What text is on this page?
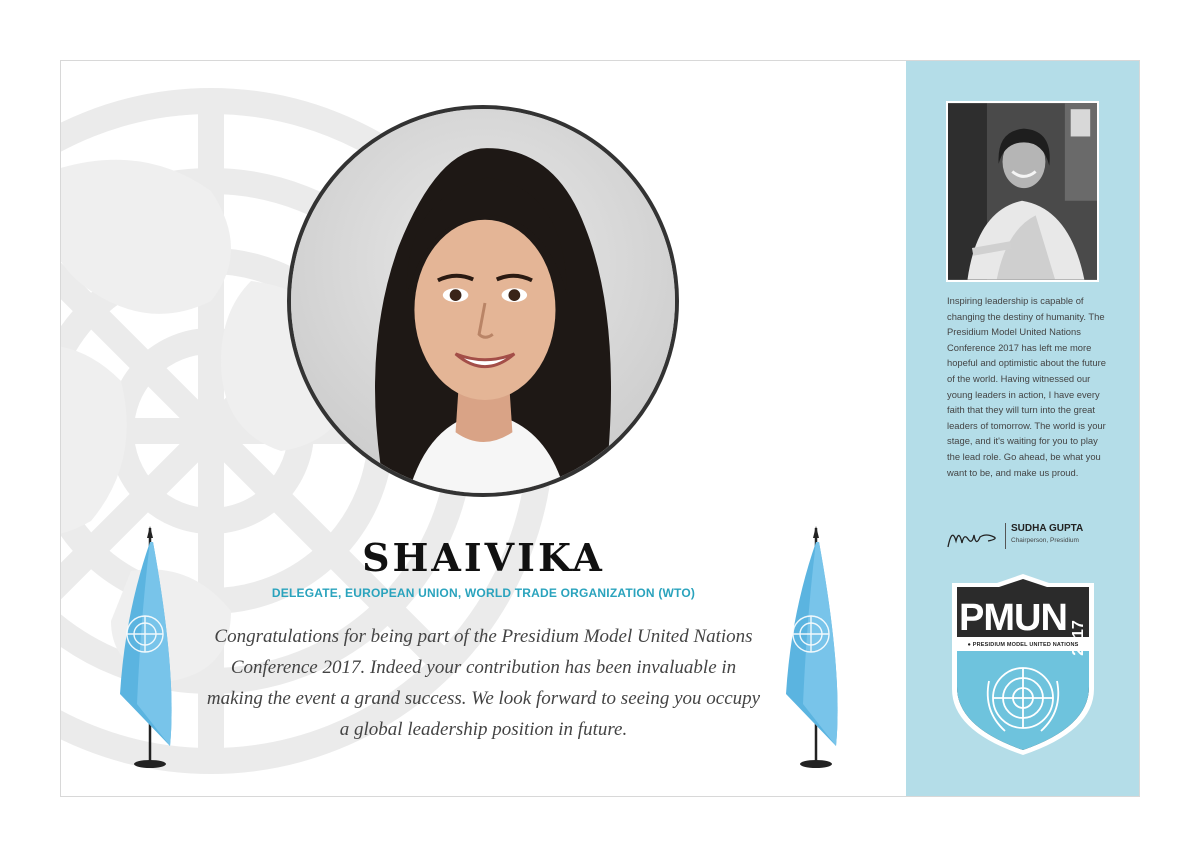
SHAIVIKA
DELEGATE, EUROPEAN UNION, WORLD TRADE ORGANIZATION (WTO)
Congratulations for being part of the Presidium Model United Nations Conference 2017. Indeed your contribution has been invaluable in making the event a grand success. We look forward to seeing you occupy a global leadership position in future.
Inspiring leadership is capable of changing the destiny of humanity. The Presidium Model United Nations Conference 2017 has left me more hopeful and optimistic about the future of the world. Having witnessed our young leaders in action, I have every faith that they will turn into the great leaders of tomorrow. The world is your stage, and it's waiting for you to play the lead role. Go ahead, be what you want to be, and make us proud.
SUDHA GUPTA
Chairperson, Presidium
PMUN 2017
● PRESIDIUM MODEL UNITED NATIONS
